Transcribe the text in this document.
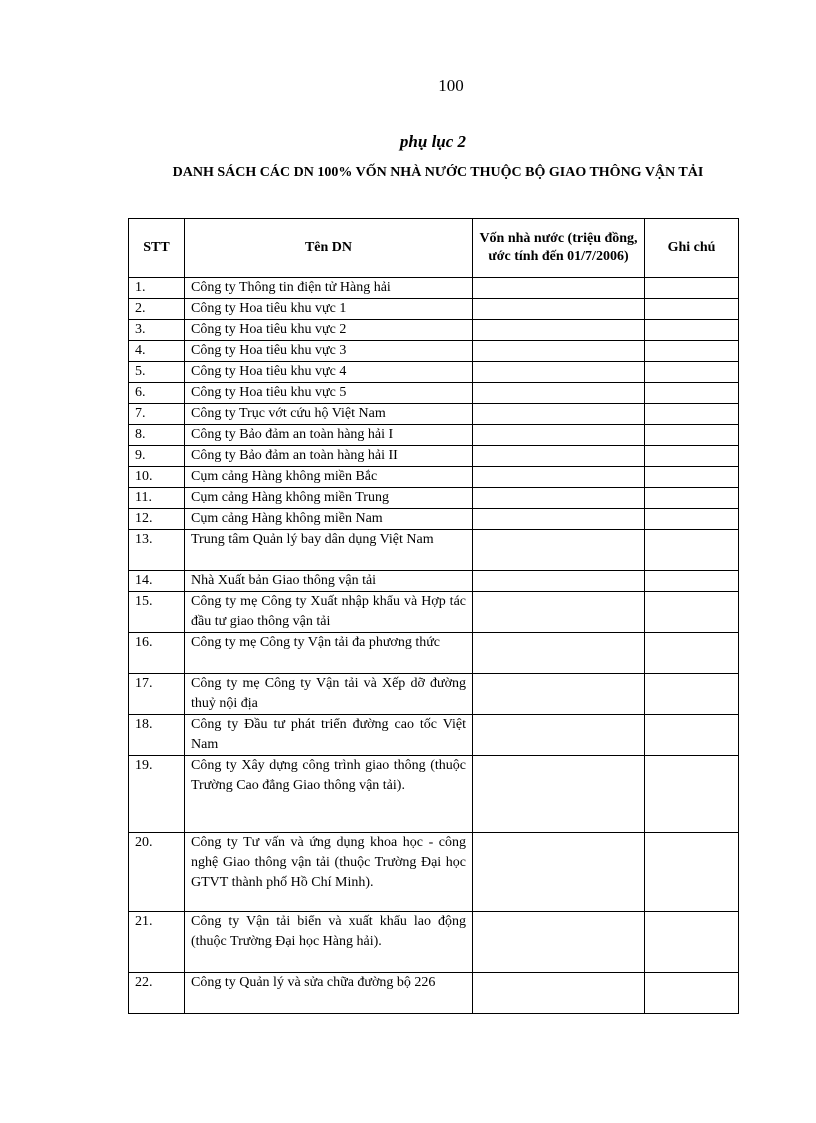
100
phụ lục 2
DANH SÁCH CÁC DN 100% VỐN NHÀ NƯỚC THUỘC BỘ GIAO THÔNG VẬN TẢI
STT	Tên DN	Vốn nhà nước (triệu đồng, ước tính đến 01/7/2006)	Ghi chú
1.	Công ty Thông tin điện tử Hàng hải		
2.	Công ty Hoa tiêu khu vực 1		
3.	Công ty Hoa tiêu khu vực 2		
4.	Công ty Hoa tiêu khu vực 3		
5.	Công ty Hoa tiêu khu vực 4		
6.	Công ty Hoa tiêu khu vực 5		
7.	Công ty Trục vớt cứu hộ Việt Nam		
8.	Công ty Bảo đảm an toàn hàng hải I		
9.	Công ty Bảo đảm an toàn hàng hải II		
10.	Cụm cảng Hàng không miền Bắc		
11.	Cụm cảng Hàng không miền Trung		
12.	Cụm cảng Hàng không miền Nam		
13.	Trung tâm Quản lý bay dân dụng Việt Nam		
14.	Nhà Xuất bản Giao thông vận tải		
15.	Công ty mẹ Công ty Xuất nhập khẩu và Hợp tác đầu tư giao thông vận tải		
16.	Công ty mẹ Công ty Vận tải đa phương thức		
17.	Công ty mẹ Công ty Vận tải và Xếp dỡ đường thuỷ nội địa		
18.	Công ty Đầu tư phát triển đường cao tốc Việt Nam		
19.	Công ty Xây dựng công trình giao thông (thuộc Trường Cao đẳng Giao thông vận tải).		
20.	Công ty Tư vấn và ứng dụng khoa học - công nghệ Giao thông vận tải (thuộc Trường Đại học GTVT thành phố Hồ Chí Minh).		
21.	Công ty Vận tải biển và xuất khẩu lao động (thuộc Trường Đại học Hàng hải).		
22.	Công ty Quản lý và sửa chữa đường bộ 226		
